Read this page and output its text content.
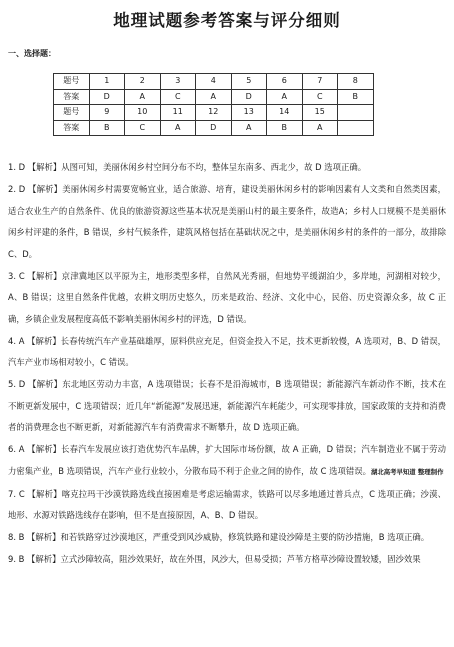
地理试题参考答案与评分细则
一、选择题：
题号	1	2	3	4	5	6	7	8
答案	D	A	C	A	D	A	C	B
题号	9	10	11	12	13	14	15	
答案	B	C	A	D	A	B	A	

1. D 【解析】从图可知，美丽休闲乡村空间分布不均，整体呈东南多、西北少，故 D 选项正确。

2. D 【解析】美丽休闲乡村需要宽畅宜业，适合旅游、培育，建设美丽休闲乡村的影响因素有人文类和自然类因素，适合农业生产的自然条件、优良的旅游资源这些基本状况是美丽山村的最主要条件，故造A；乡村人口规模不是美丽休闲乡村评建的条件，B 错误，乡村气候条件，建筑风格包括在基础状况之中，是美丽休闲乡村的条件的一部分，故排除 C、D。

3. C 【解析】京津冀地区以平原为主，地形类型多样，自然风光秀丽，但地势平缓湖泊少，多岸地，河湖相对较少，A、B 错误；这里自然条件优越，农耕文明历史悠久，历来是政治、经济、文化中心，民俗、历史资源众多，故 C 正确，乡镇企业发展程度高低不影响美丽休闲乡村的评选，D 错误。

4. A 【解析】长春传统汽车产业基础雄厚，原料供应充足，但资金投入不足，技术更新较慢，A 选项对，B、D 错误，汽车产业市场相对较小，C 错误。

5. D 【解析】东北地区劳动力丰富，A 选项错误；长春不是沿海城市，B 选项错误；新能源汽车新动作不断，技术在不断更新发展中，C 选项错误；近几年“新能源”发展迅速，新能源汽车耗能少，可实现零排放，国家政策的支持和消费者的消费理念也不断更新，对新能源汽车有消费需求不断攀升，故 D 选项正确。

6. A 【解析】长春汽车发展应该打造优势汽车品牌，扩大国际市场份额，故 A 正确，D 错误；汽车制造业不属于劳动力密集产业，B 选项错误，汽车产业行业较小，分散布局不利于企业之间的协作，故 C 选项错误。湖北高考早知道 整理制作

7. C 【解析】喀克拉玛干沙漠铁路选线直接困难是考虑运输需求，铁路可以尽多地通过普兵点，C 选项正确；沙漠、地形、水源对铁路选线存在影响，但不是直接原因，A、B、D 错误。

8. B 【解析】和若铁路穿过沙漠地区，严重受到风沙威胁，修筑铁路和建设沙障是主要的防沙措施，B 选项正确。

9. B 【解析】立式沙障较高，阻沙效果好，故在外围，风沙大，但易受损；芦苇方格草沙障设置较矮，固沙效果
